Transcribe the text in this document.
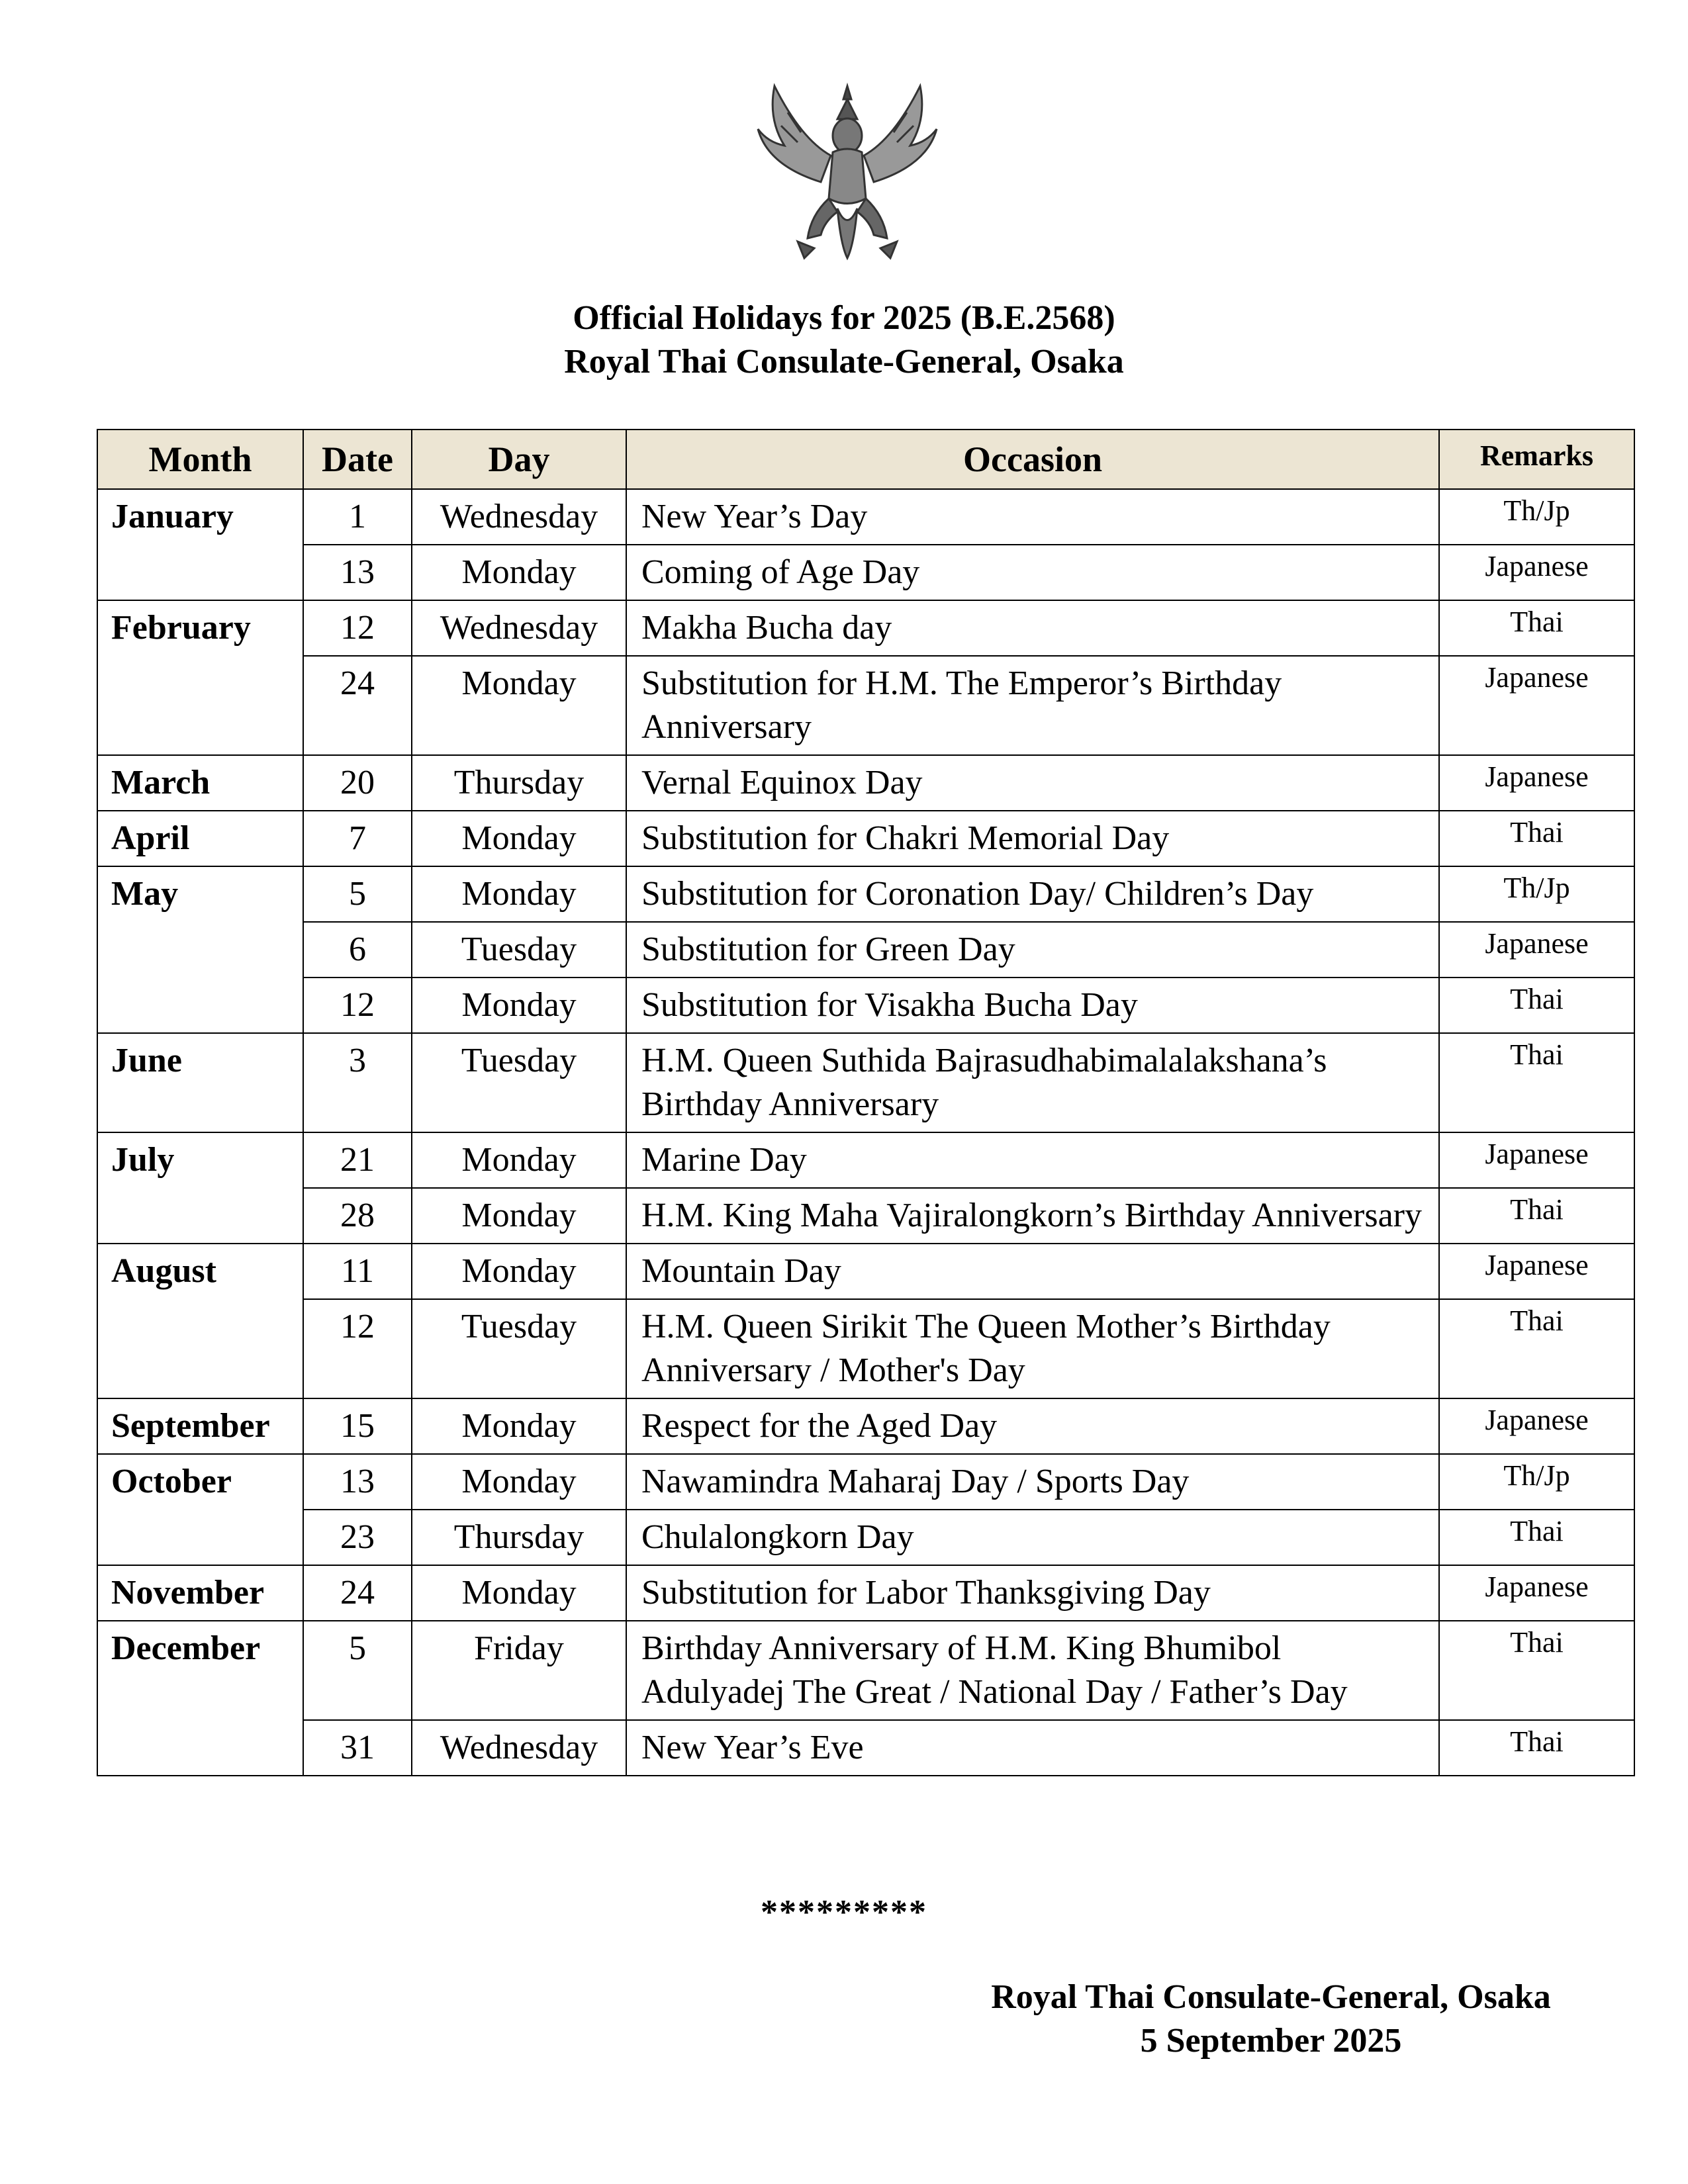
Official Holidays for 2025 (B.E.2568)
Royal Thai Consulate-General, Osaka
Month	Date	Day	Occasion	Remarks
January	1	Wednesday	New Year’s Day	Th/Jp
	13	Monday	Coming of Age Day	Japanese
February	12	Wednesday	Makha Bucha day	Thai
	24	Monday	Substitution for H.M. The Emperor’s Birthday Anniversary	Japanese
March	20	Thursday	Vernal Equinox Day	Japanese
April	7	Monday	Substitution for Chakri Memorial Day	Thai
May	5	Monday	Substitution for Coronation Day/ Children’s Day	Th/Jp
	6	Tuesday	Substitution for Green Day	Japanese
	12	Monday	Substitution for Visakha Bucha Day	Thai
June	3	Tuesday	H.M. Queen Suthida Bajrasudhabimalalakshana’s Birthday Anniversary	Thai
July	21	Monday	Marine Day	Japanese
	28	Monday	H.M. King Maha Vajiralongkorn’s Birthday Anniversary	Thai
August	11	Monday	Mountain Day	Japanese
	12	Tuesday	H.M. Queen Sirikit The Queen Mother’s Birthday Anniversary / Mother's Day	Thai
September	15	Monday	Respect for the Aged Day	Japanese
October	13	Monday	Nawamindra Maharaj Day / Sports Day	Th/Jp
	23	Thursday	Chulalongkorn Day	Thai
November	24	Monday	Substitution for Labor Thanksgiving Day	Japanese
December	5	Friday	Birthday Anniversary of H.M. King Bhumibol Adulyadej The Great / National Day / Father’s Day	Thai
	31	Wednesday	New Year’s Eve	Thai
*********
Royal Thai Consulate-General, Osaka
5 September 2025
